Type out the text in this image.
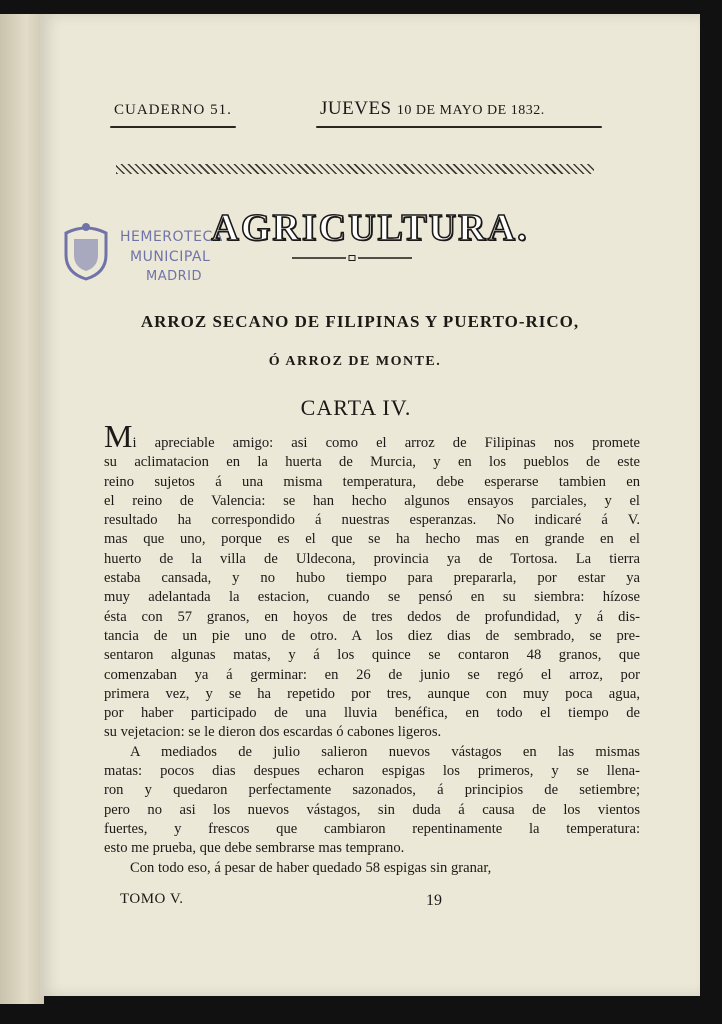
CUADERNO 51.	JUEVES 10 DE MAYO DE 1832.
HEMEROTECA
MUNICIPAL
MADRID
AGRICULTURA.
ARROZ SECANO DE FILIPINAS Y PUERTO-RICO,
Ó ARROZ DE MONTE.
CARTA IV.
Mi apreciable amigo: asi como el arroz de Filipinas nos promete
su aclimatacion en la huerta de Murcia, y en los pueblos de este
reino sujetos á una misma temperatura, debe esperarse tambien en
el reino de Valencia: se han hecho algunos ensayos parciales, y el
resultado ha correspondido á nuestras esperanzas. No indicaré á V.
mas que uno, porque es el que se ha hecho mas en grande en el
huerto de la villa de Uldecona, provincia ya de Tortosa. La tierra
estaba cansada, y no hubo tiempo para prepararla, por estar ya
muy adelantada la estacion, cuando se pensó en su siembra: hízose
ésta con 57 granos, en hoyos de tres dedos de profundidad, y á dis-
tancia de un pie uno de otro. A los diez dias de sembrado, se pre-
sentaron algunas matas, y á los quince se contaron 48 granos, que
comenzaban ya á germinar: en 26 de junio se regó el arroz, por
primera vez, y se ha repetido por tres, aunque con muy poca agua,
por haber participado de una lluvia benéfica, en todo el tiempo de
su vejetacion: se le dieron dos escardas ó cabones ligeros.
A mediados de julio salieron nuevos vástagos en las mismas
matas: pocos dias despues echaron espigas los primeros, y se llena-
ron y quedaron perfectamente sazonados, á principios de setiembre;
pero no asi los nuevos vástagos, sin duda á causa de los vientos
fuertes, y frescos que cambiaron repentinamente la temperatura:
esto me prueba, que debe sembrarse mas temprano.
Con todo eso, á pesar de haber quedado 58 espigas sin granar,
TOMO V.	19
